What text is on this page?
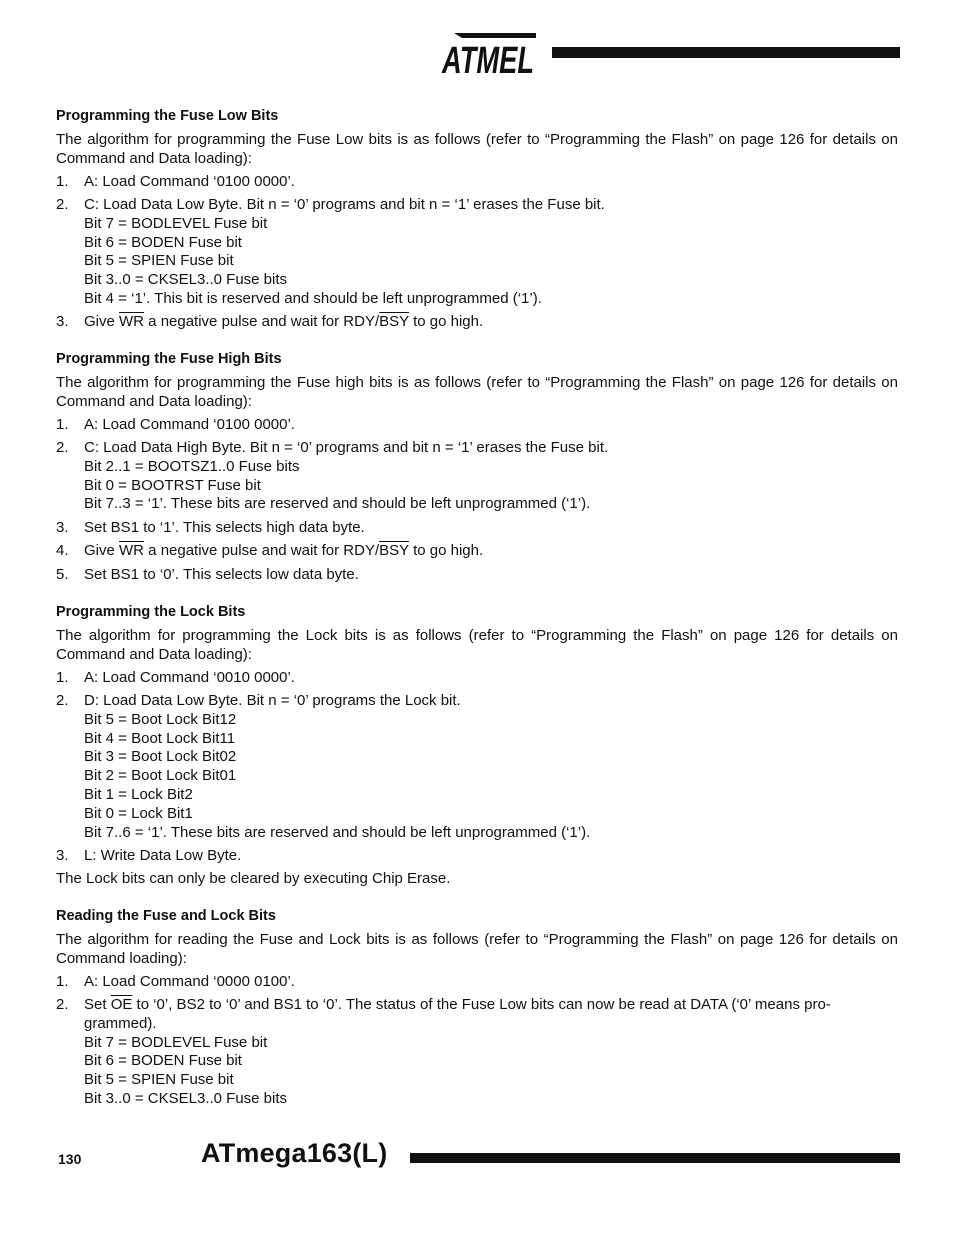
ATMEL
Programming the Fuse Low Bits
The algorithm for programming the Fuse Low bits is as follows (refer to “Programming the Flash” on page 126 for details on Command and Data loading):
1. A: Load Command ‘0100 0000’.
2. C: Load Data Low Byte. Bit n = ‘0’ programs and bit n = ‘1’ erases the Fuse bit.
Bit 7 = BODLEVEL Fuse bit
Bit 6 = BODEN Fuse bit
Bit 5 = SPIEN Fuse bit
Bit 3..0 = CKSEL3..0 Fuse bits
Bit 4 = ‘1’. This bit is reserved and should be left unprogrammed (‘1’).
3. Give $\overline{WR}$ a negative pulse and wait for RDY/$\overline{BSY}$ to go high.
Programming the Fuse High Bits
The algorithm for programming the Fuse high bits is as follows (refer to “Programming the Flash” on page 126 for details on Command and Data loading):
1. A: Load Command ‘0100 0000’.
2. C: Load Data High Byte. Bit n = ‘0’ programs and bit n = ‘1’ erases the Fuse bit.
Bit 2..1 = BOOTSZ1..0 Fuse bits
Bit 0 = BOOTRST Fuse bit
Bit 7..3 = ‘1’. These bits are reserved and should be left unprogrammed (‘1’).
3. Set BS1 to ‘1’. This selects high data byte.
4. Give $\overline{WR}$ a negative pulse and wait for RDY/$\overline{BSY}$ to go high.
5. Set BS1 to ‘0’. This selects low data byte.
Programming the Lock Bits
The algorithm for programming the Lock bits is as follows (refer to “Programming the Flash” on page 126 for details on Command and Data loading):
1. A: Load Command ‘0010 0000’.
2. D: Load Data Low Byte. Bit n = ‘0’ programs the Lock bit.
Bit 5 = Boot Lock Bit12
Bit 4 = Boot Lock Bit11
Bit 3 = Boot Lock Bit02
Bit 2 = Boot Lock Bit01
Bit 1 = Lock Bit2
Bit 0 = Lock Bit1
Bit 7..6 = ‘1’. These bits are reserved and should be left unprogrammed (‘1’).
3. L: Write Data Low Byte.
The Lock bits can only be cleared by executing Chip Erase.
Reading the Fuse and Lock Bits
The algorithm for reading the Fuse and Lock bits is as follows (refer to “Programming the Flash” on page 126 for details on Command loading):
1. A: Load Command ‘0000 0100’.
2. Set $\overline{OE}$ to ‘0’, BS2 to ‘0’ and BS1 to ‘0’. The status of the Fuse Low bits can now be read at DATA (‘0’ means pro-
grammed).
Bit 7 = BODLEVEL Fuse bit
Bit 6 = BODEN Fuse bit
Bit 5 = SPIEN Fuse bit
Bit 3..0 = CKSEL3..0 Fuse bits
130	ATmega163(L)
